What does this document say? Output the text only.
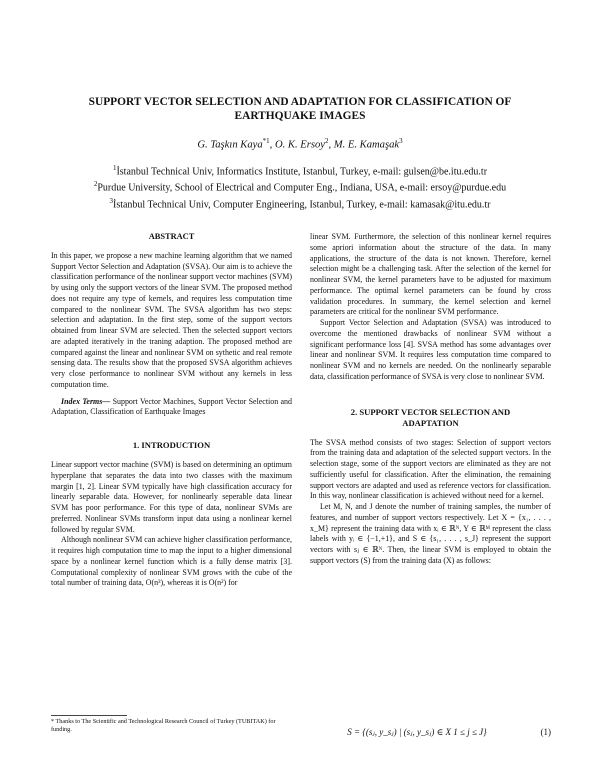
SUPPORT VECTOR SELECTION AND ADAPTATION FOR CLASSIFICATION OF
EARTHQUAKE IMAGES
G. Taşkın Kaya$^{*1}$, O. K. Ersoy$^2$, M. E. Kamaşak$^3$
$^1$İstanbul Technical Univ, Informatics Institute, Istanbul, Turkey, e-mail: gulsen@be.itu.edu.tr
$^2$Purdue University, School of Electrical and Computer Eng., Indiana, USA, e-mail: ersoy@purdue.edu
$^3$İstanbul Technical Univ, Computer Engineering, Istanbul, Turkey, e-mail: kamasak@itu.edu.tr
ABSTRACT

In this paper, we propose a new machine learning algorithm that we named Support Vector Selection and Adaptation (SVSA). Our aim is to achieve the classification performance of the nonlinear support vector machines (SVM) by using only the support vectors of the linear SVM. The proposed method does not require any type of kernels, and requires less computation time compared to the nonlinear SVM. The SVSA algorithm has two steps: selection and adaptation. In the first step, some of the support vectors obtained from linear SVM are selected. Then the selected support vectors are adapted iteratively in the traning adaption. The proposed method are compared against the linear and nonlinear SVM on sythetic and real remote sensing data. The results show that the proposed SVSA algorithm achieves very close performance to nonlinear SVM without any kernels in less computation time.

Index Terms— Support Vector Machines, Support Vector Selection and Adaptation, Classification of Earthquake Images

1. INTRODUCTION

Linear support vector machine (SVM) is based on determining an optimum hyperplane that separates the data into two classes with the maximum margin [1, 2]. Linear SVM typically have high classification accuracy for linearly separable data. However, for nonlinearly seperable data linear SVM has poor performance. For this type of data, nonlinear SVMs are preferred. Nonlinear SVMs transform input data using a nonlinear kernel followed by regular SVM.

Although nonlinear SVM can achieve higher classification performance, it requires high computation time to map the input to a higher dimensional space by a nonlinear kernel function which is a fully dense matrix [3]. Computational complexity of nonlinear SVM grows with the cube of the total number of training data, O(n³), whereas it is O(n²) for

linear SVM. Furthermore, the selection of this nonlinear kernel requires some apriori information about the structure of the data. In many applications, the structure of the data is not known. Therefore, kernel selection might be a challenging task. After the selection of the kernel for nonlinear SVM, the kernel parameters have to be adjusted for maximum performance. The optimal kernel parameters can be found by cross validation procedures. In summary, the kernel selection and kernel parameters are critical for the nonlinear SVM performance.

Support Vector Selection and Adaptation (SVSA) was introduced to overcome the mentioned drawbacks of nonlinear SVM without a significant performance loss [4]. SVSA method has some advantages over linear and nonlinear SVM. It requires less computation time compared to nonlinear SVM and no kernels are needed. On the nonlinearly separable data, classification performance of SVSA is very close to nonlinear SVM.

2. SUPPORT VECTOR SELECTION AND
ADAPTATION

The SVSA method consists of two stages: Selection of support vectors from the training data and adaptation of the selected support vectors. In the selection stage, some of the support vectors are eliminated as they are not sufficiently useful for classification. After the elimination, the remaining support vectors are adapted and used as reference vectors for classification. In this way, nonlinear classification is achieved without need for a kernel.

Let M, N, and J denote the number of training samples, the number of features, and number of support vectors respectively. Let X = {x₁, . . . , x_M} represent the training data with xᵢ ∈ ℝᴺ, Y ∈ ℝᴹ represent the class labels with yᵢ ∈ {−1,+1}, and S ∈ {s₁, . . . , s_J} represent the support vectors with sⱼ ∈ ℝᴺ. Then, the linear SVM is employed to obtain the support vectors (S) from the training data (X) as follows:

* Thanks to The Scientific and Technological Research Council of Turkey (TUBITAK) for funding.	S = {(sⱼ, y_sⱼ) | (sⱼ, y_sⱼ) ∈ X 1 ≤ j ≤ J}	(1)
